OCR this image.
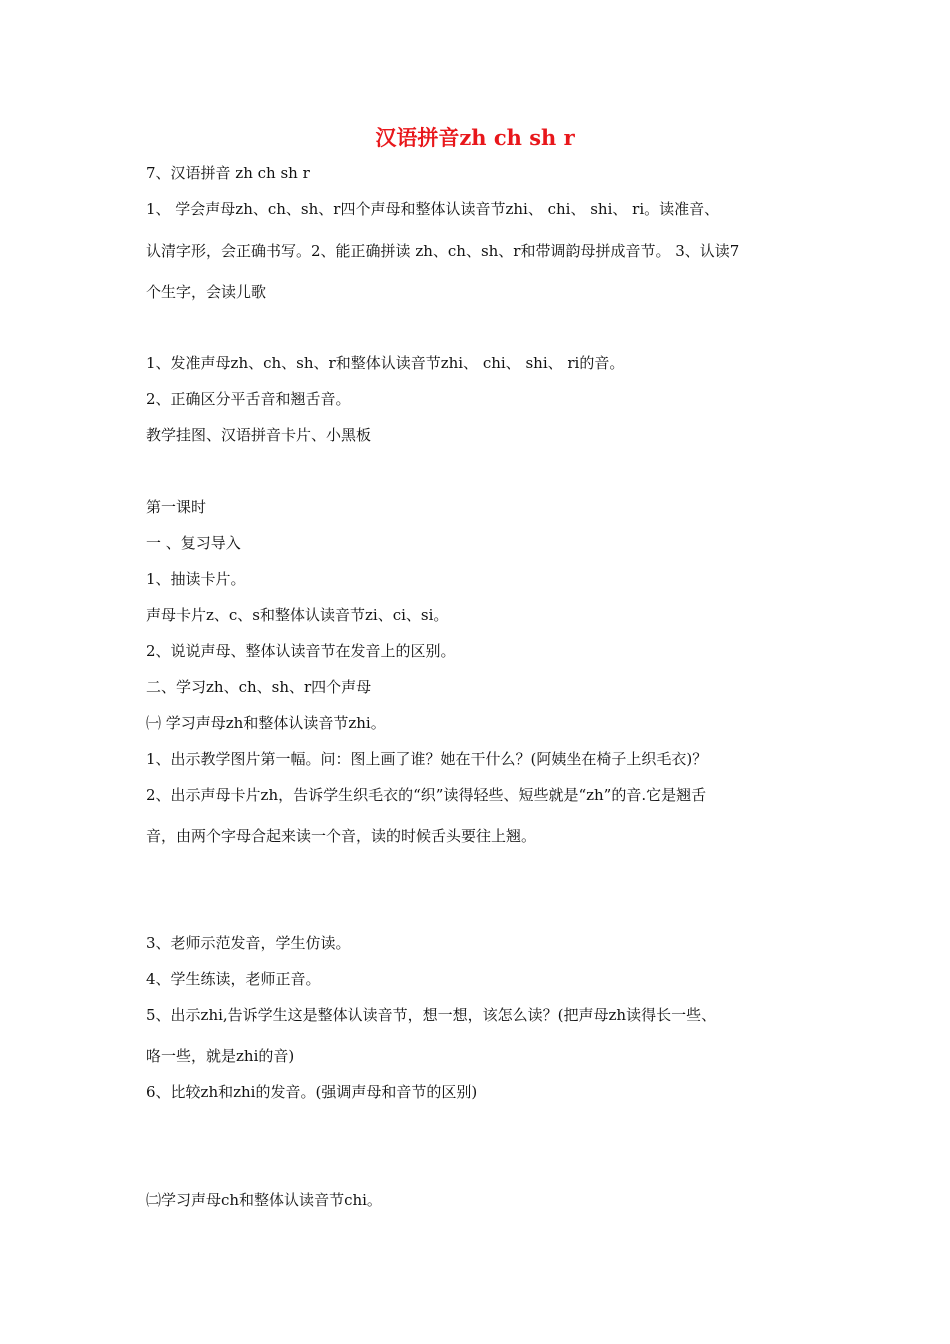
汉语拼音zh ch sh r
7、汉语拼音 zh ch sh r
1、 学会声母zh、ch、sh、r四个声母和整体认读音节zhi、 chi、 shi、 ri。读准音、
认清字形，会正确书写。2、能正确拼读 zh、ch、sh、r和带调韵母拼成音节。 3、认读7
个生字，会读儿歌
1、发准声母zh、ch、sh、r和整体认读音节zhi、 chi、 shi、 ri的音。
2、正确区分平舌音和翘舌音。
教学挂图、汉语拼音卡片、小黑板
第一课时
一 、复习导入
1、抽读卡片。
声母卡片z、c、s和整体认读音节zi、ci、si。
2、说说声母、整体认读音节在发音上的区别。
二、学习zh、ch、sh、r四个声母
㈠ 学习声母zh和整体认读音节zhi。
1、出示教学图片第一幅。问：图上画了谁？她在干什么？(阿姨坐在椅子上织毛衣)？
2、出示声母卡片zh，告诉学生织毛衣的“织”读得轻些、短些就是“zh”的音.它是翘舌
音，由两个字母合起来读一个音，读的时候舌头要往上翘。
3、老师示范发音，学生仿读。
4、学生练读，老师正音。
5、出示zhi,告诉学生这是整体认读音节，想一想，该怎么读？(把声母zh读得长一些、
咯一些，就是zhi的音)
6、比较zh和zhi的发音。(强调声母和音节的区别)
㈡学习声母ch和整体认读音节chi。
